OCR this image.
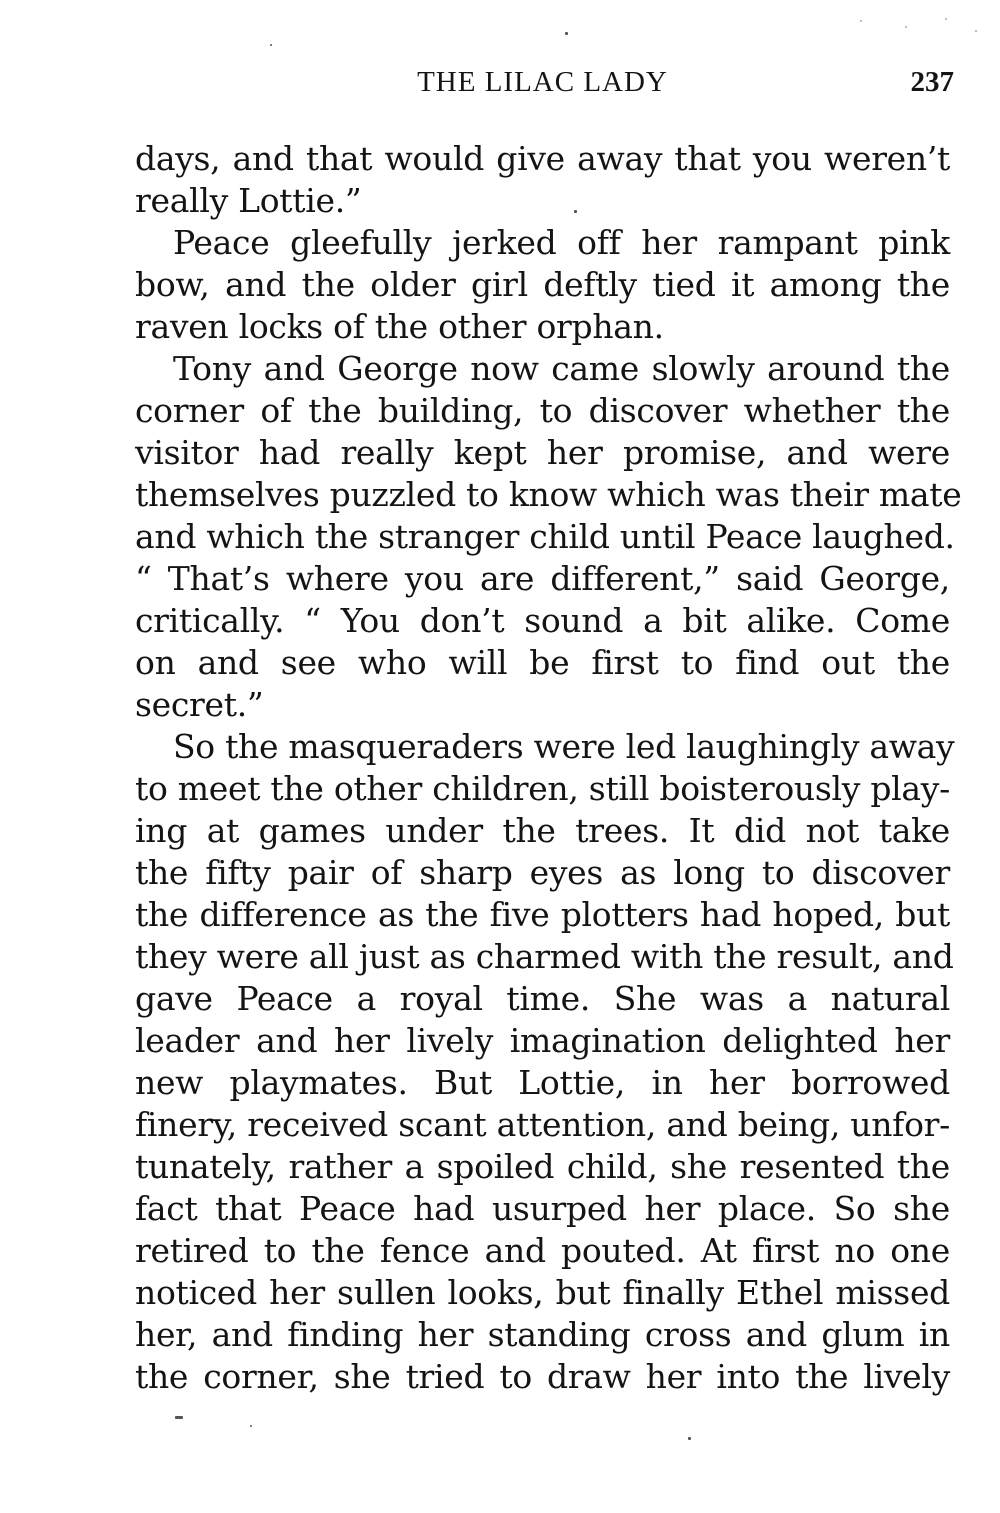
THE LILAC LADY	237
days, and that would give away that you weren’t
really Lottie.”
Peace gleefully jerked off her rampant pink
bow, and the older girl deftly tied it among the
raven locks of the other orphan.
Tony and George now came slowly around the
corner of the building, to discover whether the
visitor had really kept her promise, and were
themselves puzzled to know which was their mate
and which the stranger child until Peace laughed.
“ That’s where you are different,” said George,
critically. “ You don’t sound a bit alike. Come
on and see who will be first to find out the
secret.”
So the masqueraders were led laughingly away
to meet the other children, still boisterously play-
ing at games under the trees. It did not take
the fifty pair of sharp eyes as long to discover
the difference as the five plotters had hoped, but
they were all just as charmed with the result, and
gave Peace a royal time. She was a natural
leader and her lively imagination delighted her
new playmates. But Lottie, in her borrowed
finery, received scant attention, and being, unfor-
tunately, rather a spoiled child, she resented the
fact that Peace had usurped her place. So she
retired to the fence and pouted. At first no one
noticed her sullen looks, but finally Ethel missed
her, and finding her standing cross and glum in
the corner, she tried to draw her into the lively
